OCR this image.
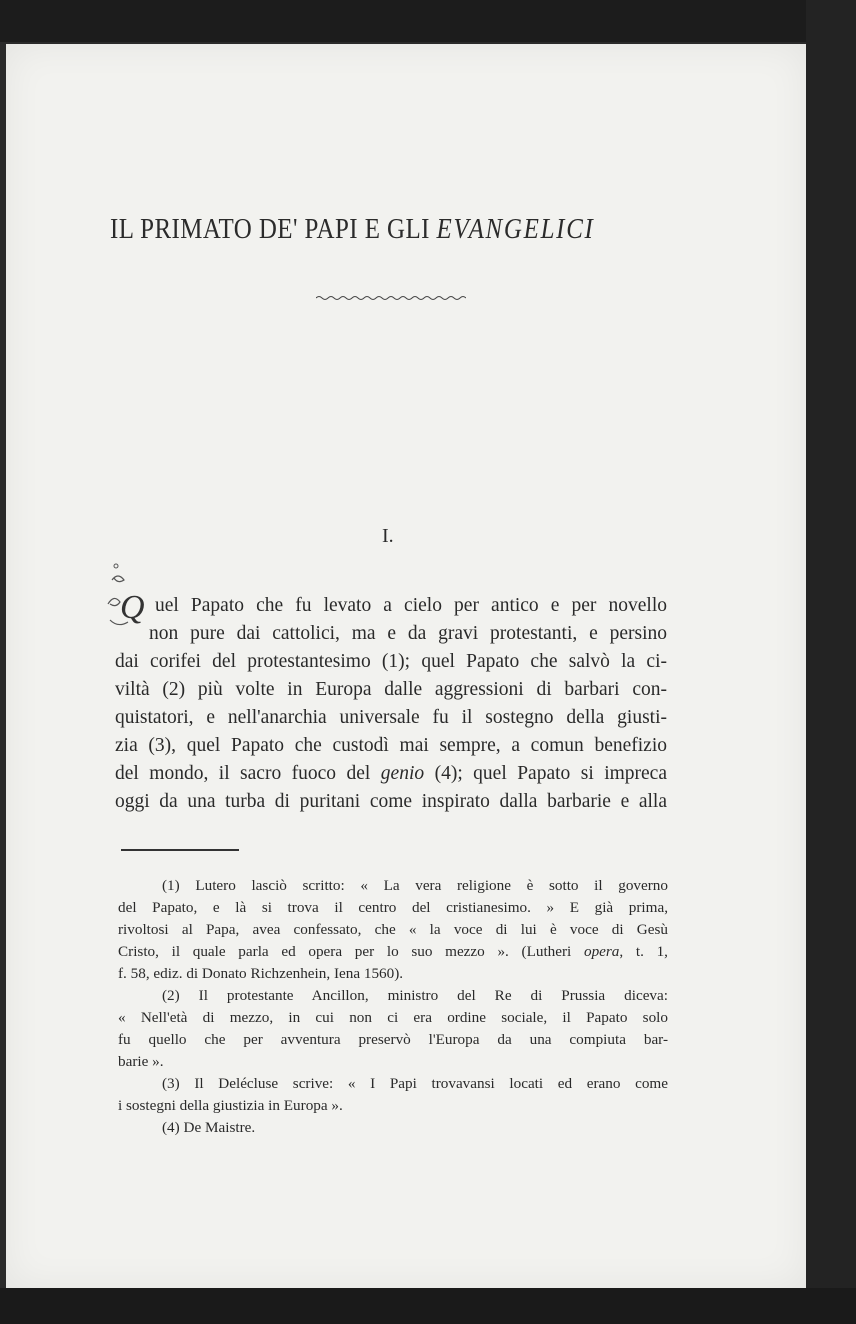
IL PRIMATO DE' PAPI E GLI EVANGELICI
I.
Q uel Papato che fu levato a cielo per antico e per novello
non pure dai cattolici, ma e da gravi protestanti, e persino
dai corifei del protestantesimo (1); quel Papato che salvò la ci-
viltà (2) più volte in Europa dalle aggressioni di barbari con-
quistatori, e nell'anarchia universale fu il sostegno della giusti-
zia (3), quel Papato che custodì mai sempre, a comun benefizio
del mondo, il sacro fuoco del genio (4); quel Papato si impreca
oggi da una turba di puritani come inspirato dalla barbarie e alla
(1) Lutero lasciò scritto: « La vera religione è sotto il governo
del Papato, e là si trova il centro del cristianesimo. » E già prima,
rivoltosi al Papa, avea confessato, che « la voce di lui è voce di Gesù
Cristo, il quale parla ed opera per lo suo mezzo ». (Lutheri opera, t. 1,
f. 58, ediz. di Donato Richzenhein, Iena 1560).
(2) Il protestante Ancillon, ministro del Re di Prussia diceva:
« Nell'età di mezzo, in cui non ci era ordine sociale, il Papato solo
fu quello che per avventura preservò l'Europa da una compiuta bar-
barie ».
(3) Il Delécluse scrive: « I Papi trovavansi locati ed erano come
i sostegni della giustizia in Europa ».
(4) De Maistre.
